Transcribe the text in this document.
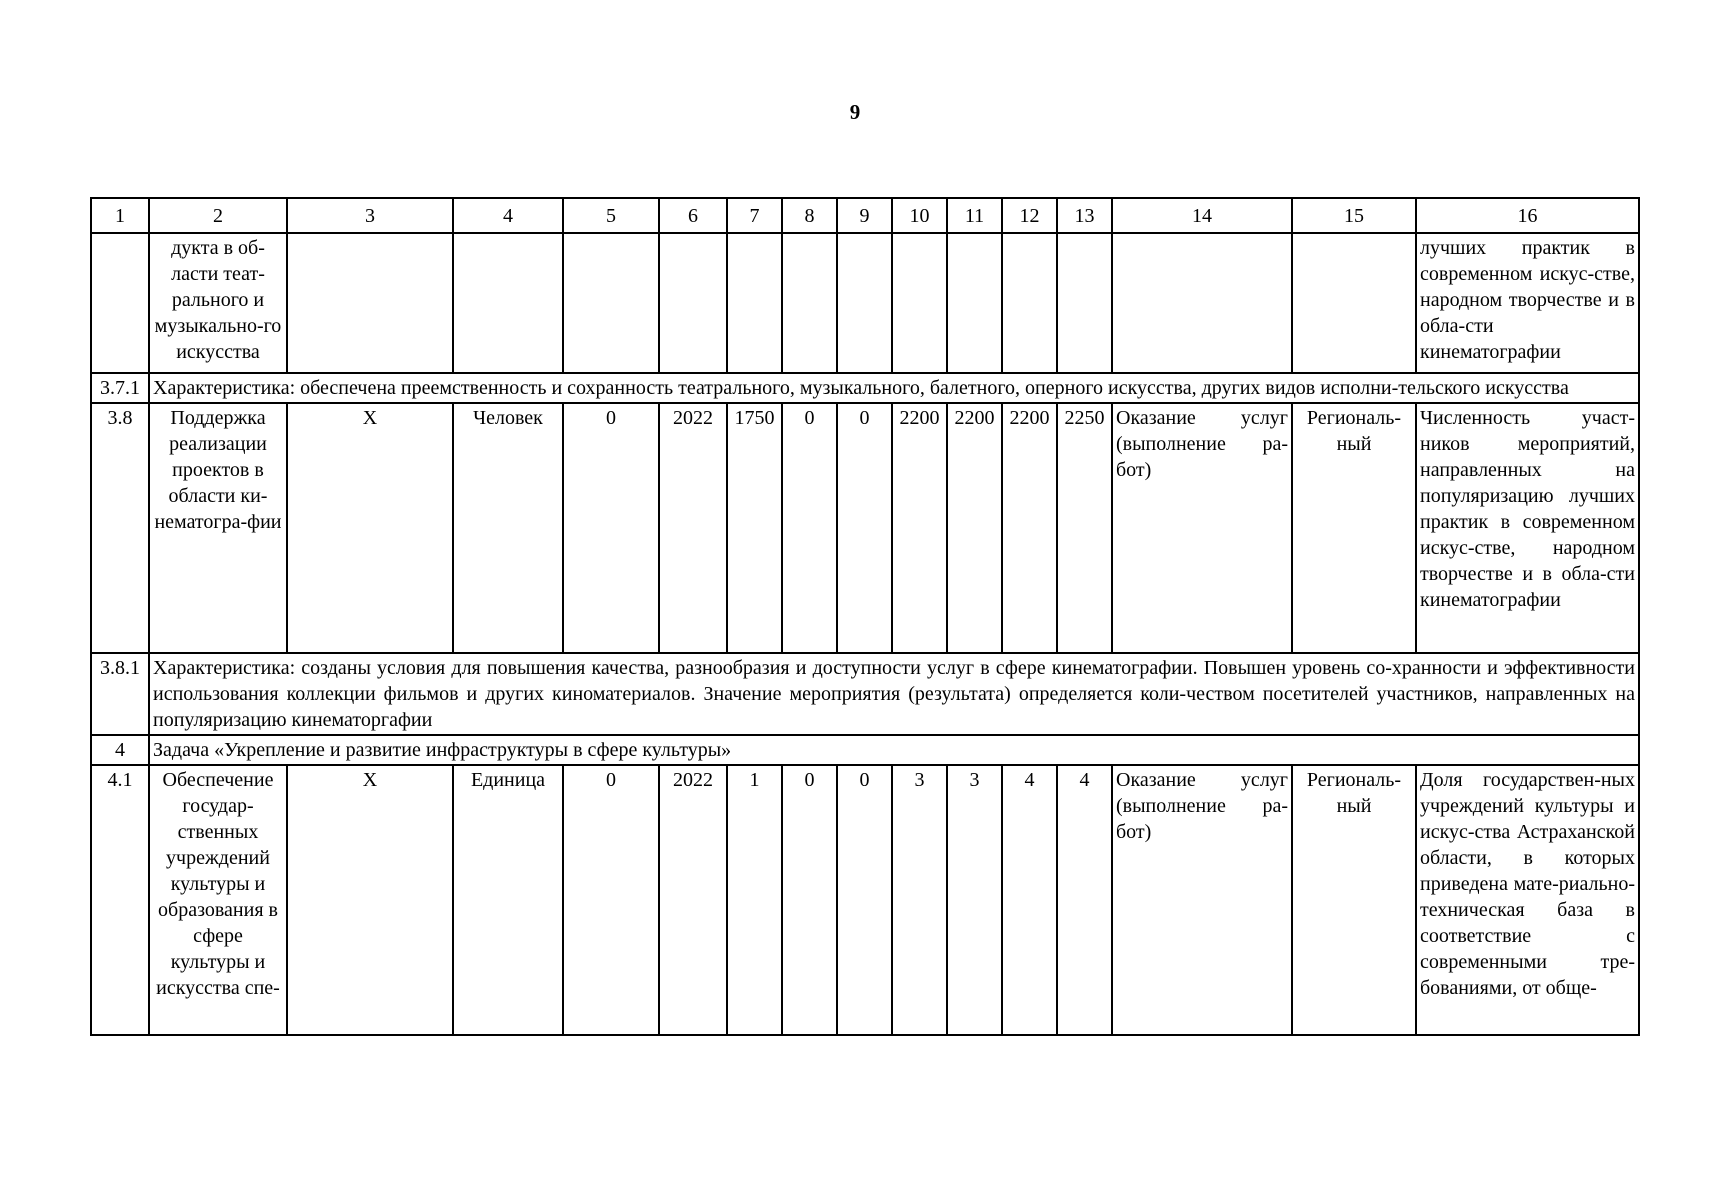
9
1	2	3	4	5	6	7	8	9	10	11	12	13	14	15	16
	дукта в об-ласти теат-рального и музыкально-го искусства														лучших практик в современном искус-стве, народном творчестве и в обла-сти кинематографии
3.7.1	Характеристика: обеспечена преемственность и сохранность театрального, музыкального, балетного, оперного искусства, других видов исполни-тельского искусства														
3.8	Поддержка реализации проектов в области ки-нематогра-фии	Х	Человек	0	2022	1750	0	0	2200	2200	2200	2250	Оказание услуг (выполнение ра-бот)	Региональ-ный	Численность участ-ников мероприятий, направленных на популяризацию лучших практик в современном искус-стве, народном творчестве и в обла-сти кинематографии
3.8.1	Характеристика: созданы условия для повышения качества, разнообразия и доступности услуг в сфере кинематографии. Повышен уровень со-хранности и эффективности использования коллекции фильмов и других киноматериалов. Значение мероприятия (результата) определяется коли-чеством посетителей участников, направленных на популяризацию кинематоргафии														
4	Задача «Укрепление и развитие инфраструктуры в сфере культуры»														
4.1	Обеспечение государ-ственных учреждений культуры и образования в сфере культуры и искусства спе-	Х	Единица	0	2022	1	0	0	3	3	4	4	Оказание услуг (выполнение ра-бот)	Региональ-ный	Доля государствен-ных учреждений культуры и искус-ства Астраханской области, в которых приведена мате-риально-техническая база в соответствие с современными тре-бованиями, от обще-
